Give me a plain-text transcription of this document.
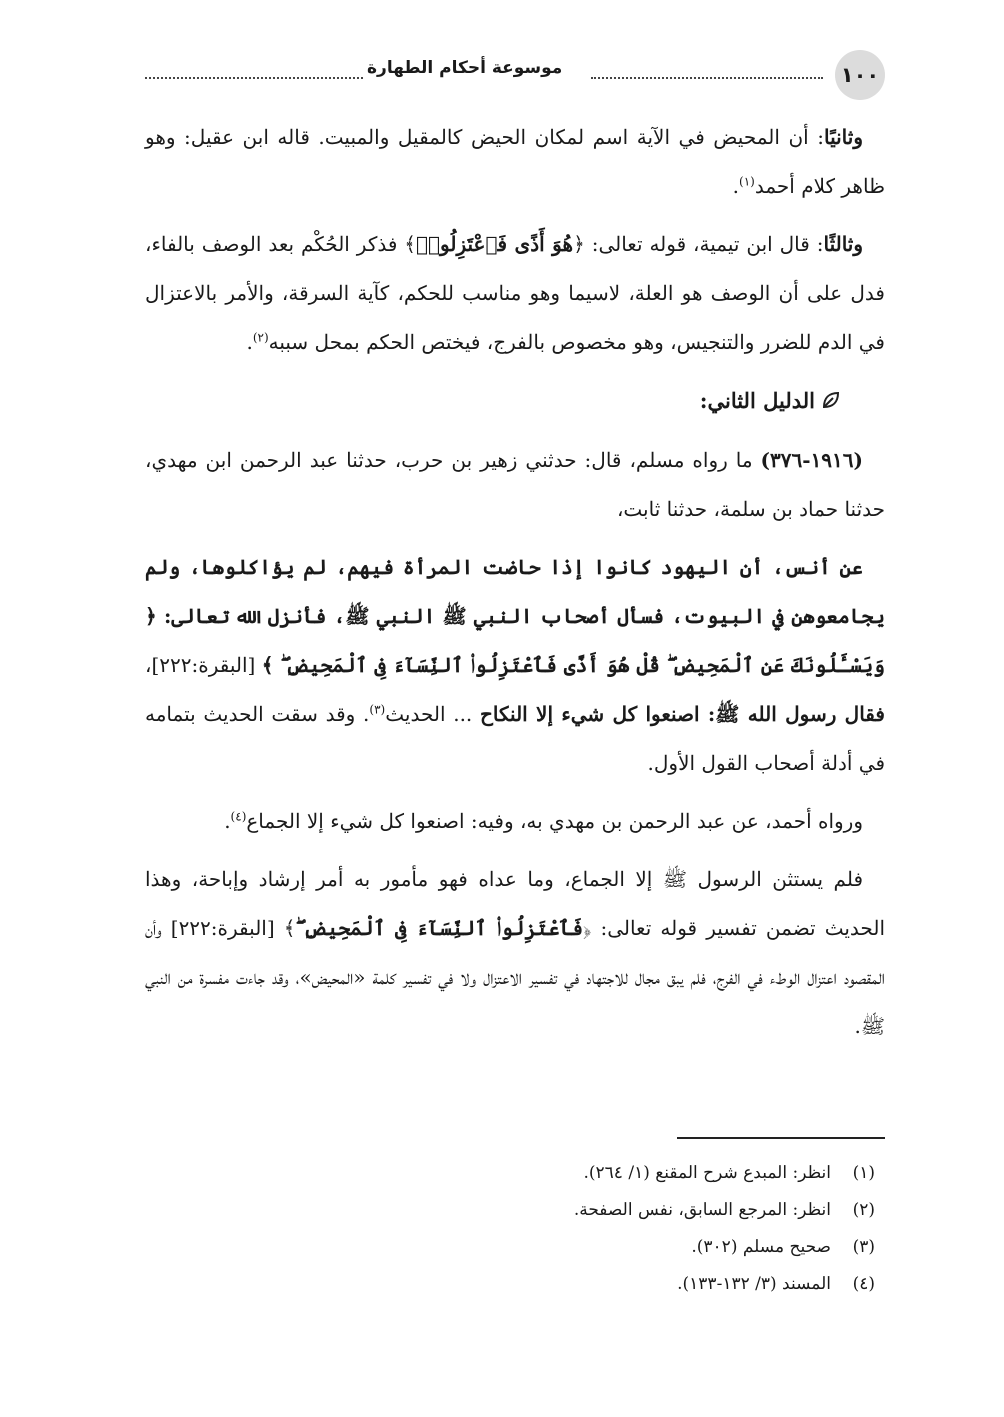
موسوعة أحكام الطهارة	١٠٠

وثانيًا: أن المحيض في الآية اسم لمكان الحيض كالمقيل والمبيت. قاله ابن عقيل: وهو ظاهر كلام أحمد$^{(١)}$.

وثالثًا: قال ابن تيمية، قوله تعالى: ﴿هُوَ أَذًى فَٱعْتَزِلُوا۟﴾ فذكر الحُكْم بعد الوصف بالفاء، فدل على أن الوصف هو العلة، لاسيما وهو مناسب للحكم، كآية السرقة، والأمر بالاعتزال في الدم للضرر والتنجيس، وهو مخصوص بالفرج، فيختص الحكم بمحل سببه$^{(٢)}$.

الدليل الثاني:

(١٩١٦-٣٧٦) ما رواه مسلم، قال: حدثني زهير بن حرب، حدثنا عبد الرحمن ابن مهدي، حدثنا حماد بن سلمة، حدثنا ثابت،

عن أنس، أن اليهود كانوا إذا حاضت المرأة فيهم، لم يؤاكلوها، ولم يجامعوهن في البيوت، فسأل أصحاب النبي ﷺ النبي ﷺ، فأنزل الله تعالى: ﴿ وَيَسْـَٔلُونَكَ عَنِ ٱلْمَحِيضِ ۖ قُلْ هُوَ أَذًى فَٱعْتَزِلُوا۟ ٱلنِّسَآءَ فِى ٱلْمَحِيضِ ۖ ﴾ [البقرة:٢٢٢]، فقال رسول الله ﷺ: اصنعوا كل شيء إلا النكاح ... الحديث$^{(٣)}$. وقد سقت الحديث بتمامه في أدلة أصحاب القول الأول.

ورواه أحمد، عن عبد الرحمن بن مهدي به، وفيه: اصنعوا كل شيء إلا الجماع$^{(٤)}$.

فلم يستثن الرسول ﷺ إلا الجماع، وما عداه فهو مأمور به أمر إرشاد وإباحة، وهذا الحديث تضمن تفسير قوله تعالى: ﴿فَٱعْتَزِلُوا۟ ٱلنِّسَآءَ فِى ٱلْمَحِيضِ ۖ﴾ [البقرة:٢٢٢] وأن المقصود اعتزال الوطء في الفرج، فلم يبق مجال للاجتهاد في تفسير الاعتزال ولا في تفسير كلمة «المحيض»، وقد جاءت مفسرة من النبي ﷺ.

(١)انظر: المبدع شرح المقنع (١/ ٢٦٤).
(٢)انظر: المرجع السابق، نفس الصفحة.
(٣)صحيح مسلم (٣٠٢).
(٤)المسند (٣/ ١٣٢-١٣٣).
